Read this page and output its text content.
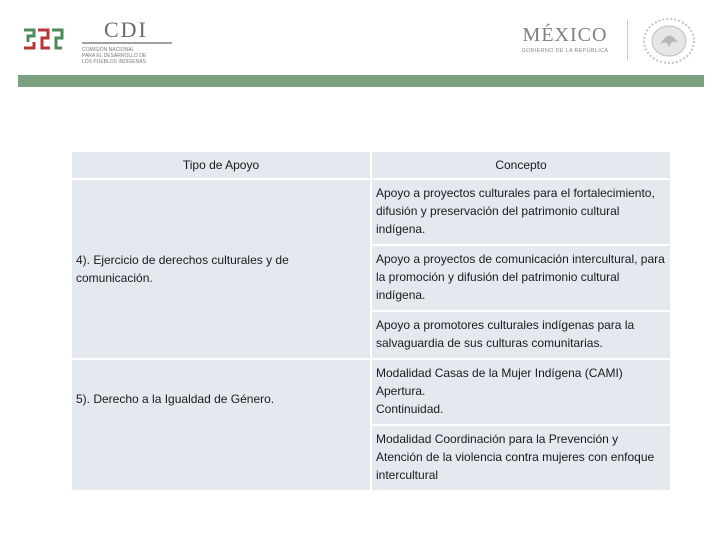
CDI
COMISIÓN NACIONAL
PARA EL DESARROLLO DE
LOS PUEBLOS INDÍGENAS
MÉXICO
GOBIERNO DE LA REPÚBLICA
Tipo de Apoyo	Concepto
4). Ejercicio de derechos culturales y de comunicación.	Apoyo a proyectos culturales para el fortalecimiento, difusión y preservación del patrimonio cultural indígena.
	Apoyo a proyectos de comunicación intercultural, para la promoción y difusión del patrimonio cultural indígena.
	Apoyo a promotores culturales indígenas para la salvaguardia de sus culturas comunitarias.
5). Derecho a la Igualdad de Género.	Modalidad Casas de la Mujer Indígena (CAMI)
Apertura.
Continuidad.

	Modalidad Coordinación para la Prevención y Atención de la violencia contra mujeres con enfoque intercultural
